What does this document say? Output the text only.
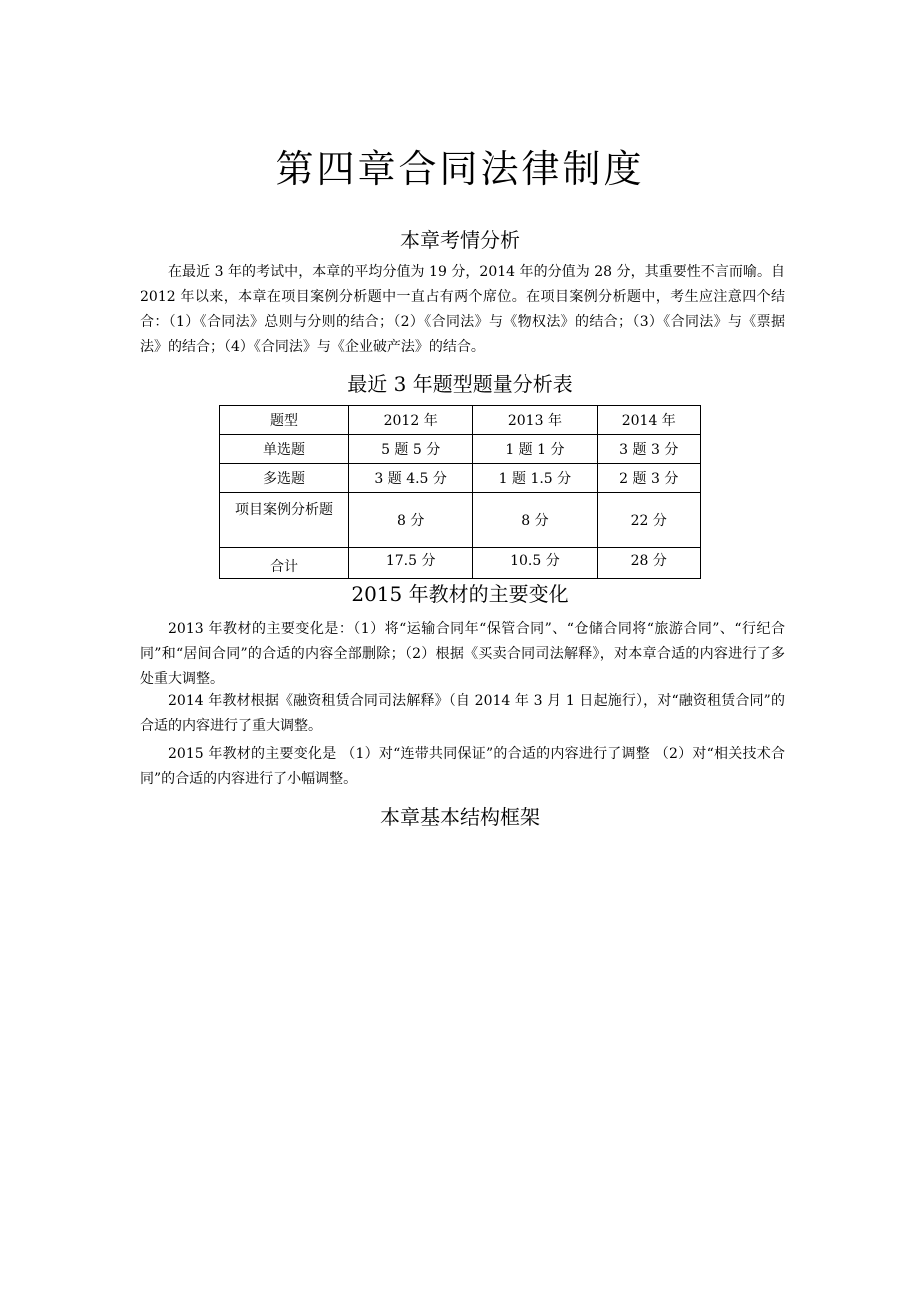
第四章合同法律制度
本章考情分析

在最近 3 年的考试中，本章的平均分值为 19 分，2014 年的分值为 28 分，其重要性不言而喻。自 2012 年以来，本章在项目案例分析题中一直占有两个席位。在项目案例分析题中，考生应注意四个结合：（1）《合同法》总则与分则的结合；（2）《合同法》与《物权法》的结合；（3）《合同法》与《票据法》的结合；（4）《合同法》与《企业破产法》的结合。

最近 3 年题型题量分析表
题型	2012 年	2013 年	2014 年
单选题	5 题 5 分	1 题 1 分	3 题 3 分
多选题	3 题 4.5 分	1 题 1.5 分	2 题 3 分
项目案例分析题	8 分	8 分	22 分
合计	17.5 分	10.5 分	28 分
2015 年教材的主要变化

2013 年教材的主要变化是：（1）将“运输合同年“保管合同”、“仓储合同将“旅游合同”、“行纪合同”和“居间合同”的合适的内容全部删除；（2）根据《买卖合同司法解释》，对本章合适的内容进行了多处重大调整。

2014 年教材根据《融资租赁合同司法解释》（自 2014 年 3 月 1 日起施行），对“融资租赁合同”的合适的内容进行了重大调整。

2015 年教材的主要变化是 （1）对“连带共同保证”的合适的内容进行了调整 （2）对“相关技术合同”的合适的内容进行了小幅调整。

本章基本结构框架
